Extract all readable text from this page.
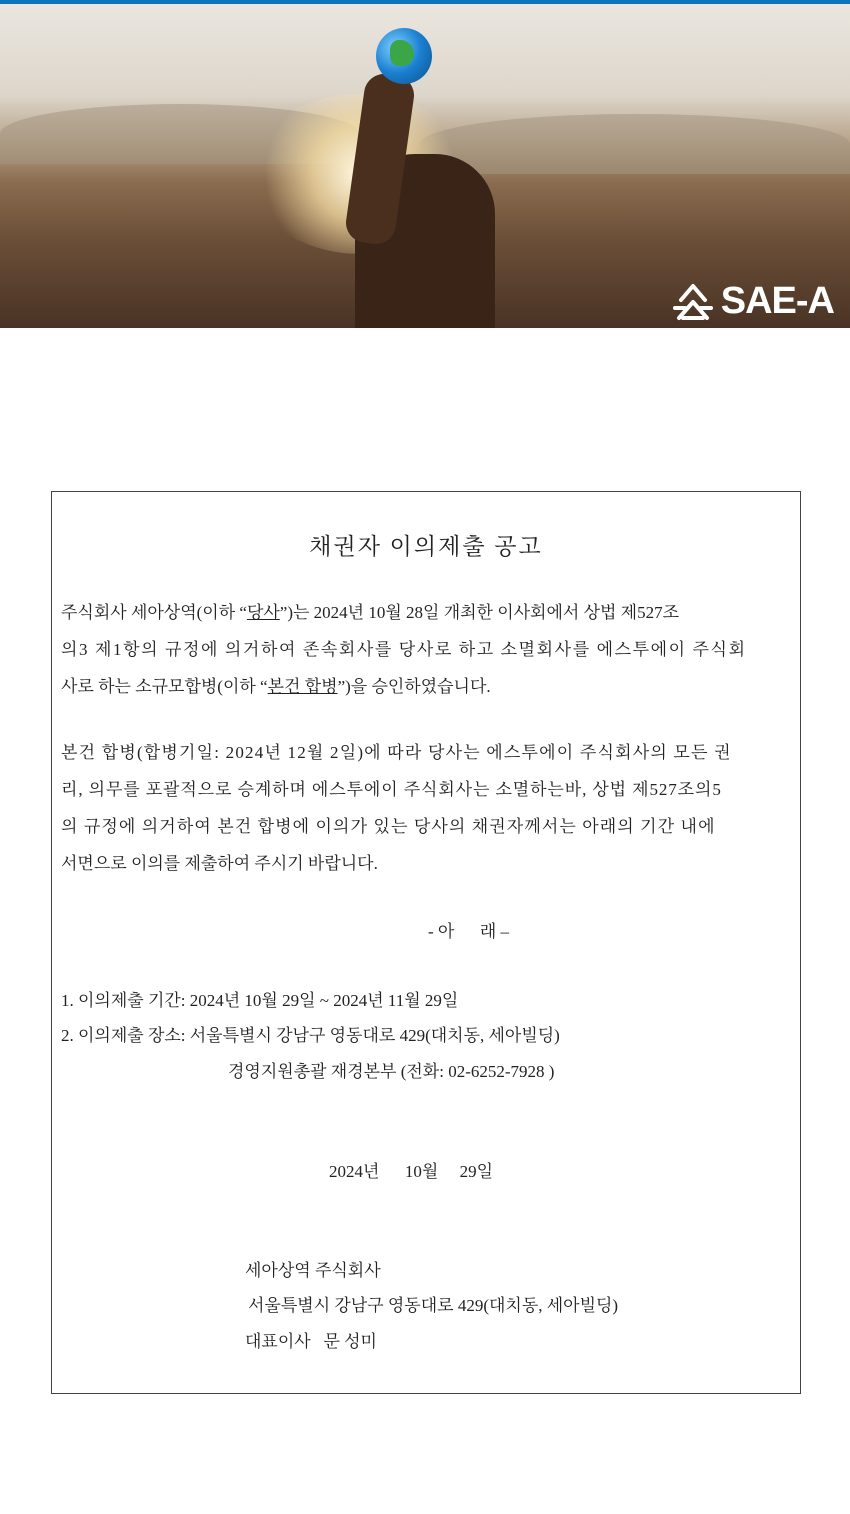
SAE-A
채권자 이의제출 공고
주식회사 세아상역(이하 “당사”)는 2024년 10월 28일 개최한 이사회에서 상법 제527조
의3 제1항의 규정에 의거하여 존속회사를 당사로 하고 소멸회사를 에스투에이 주식회
사로 하는 소규모합병(이하 “본건 합병”)을 승인하였습니다.
본건 합병(합병기일: 2024년 12월 2일)에 따라 당사는 에스투에이 주식회사의 모든 권
리, 의무를 포괄적으로 승계하며 에스투에이 주식회사는 소멸하는바, 상법 제527조의5
의 규정에 의거하여 본건 합병에 이의가 있는 당사의 채권자께서는 아래의 기간 내에
서면으로 이의를 제출하여 주시기 바랍니다.
- 아      래 –
1. 이의제출 기간: 2024년 10월 29일 ~ 2024년 11월 29일
2. 이의제출 장소: 서울특별시 강남구 영동대로 429(대치동, 세아빌딩)
경영지원총괄 재경본부 (전화: 02-6252-7928 )
2024년      10월     29일
세아상역 주식회사
서울특별시 강남구 영동대로 429(대치동, 세아빌딩)
대표이사   문 성미
